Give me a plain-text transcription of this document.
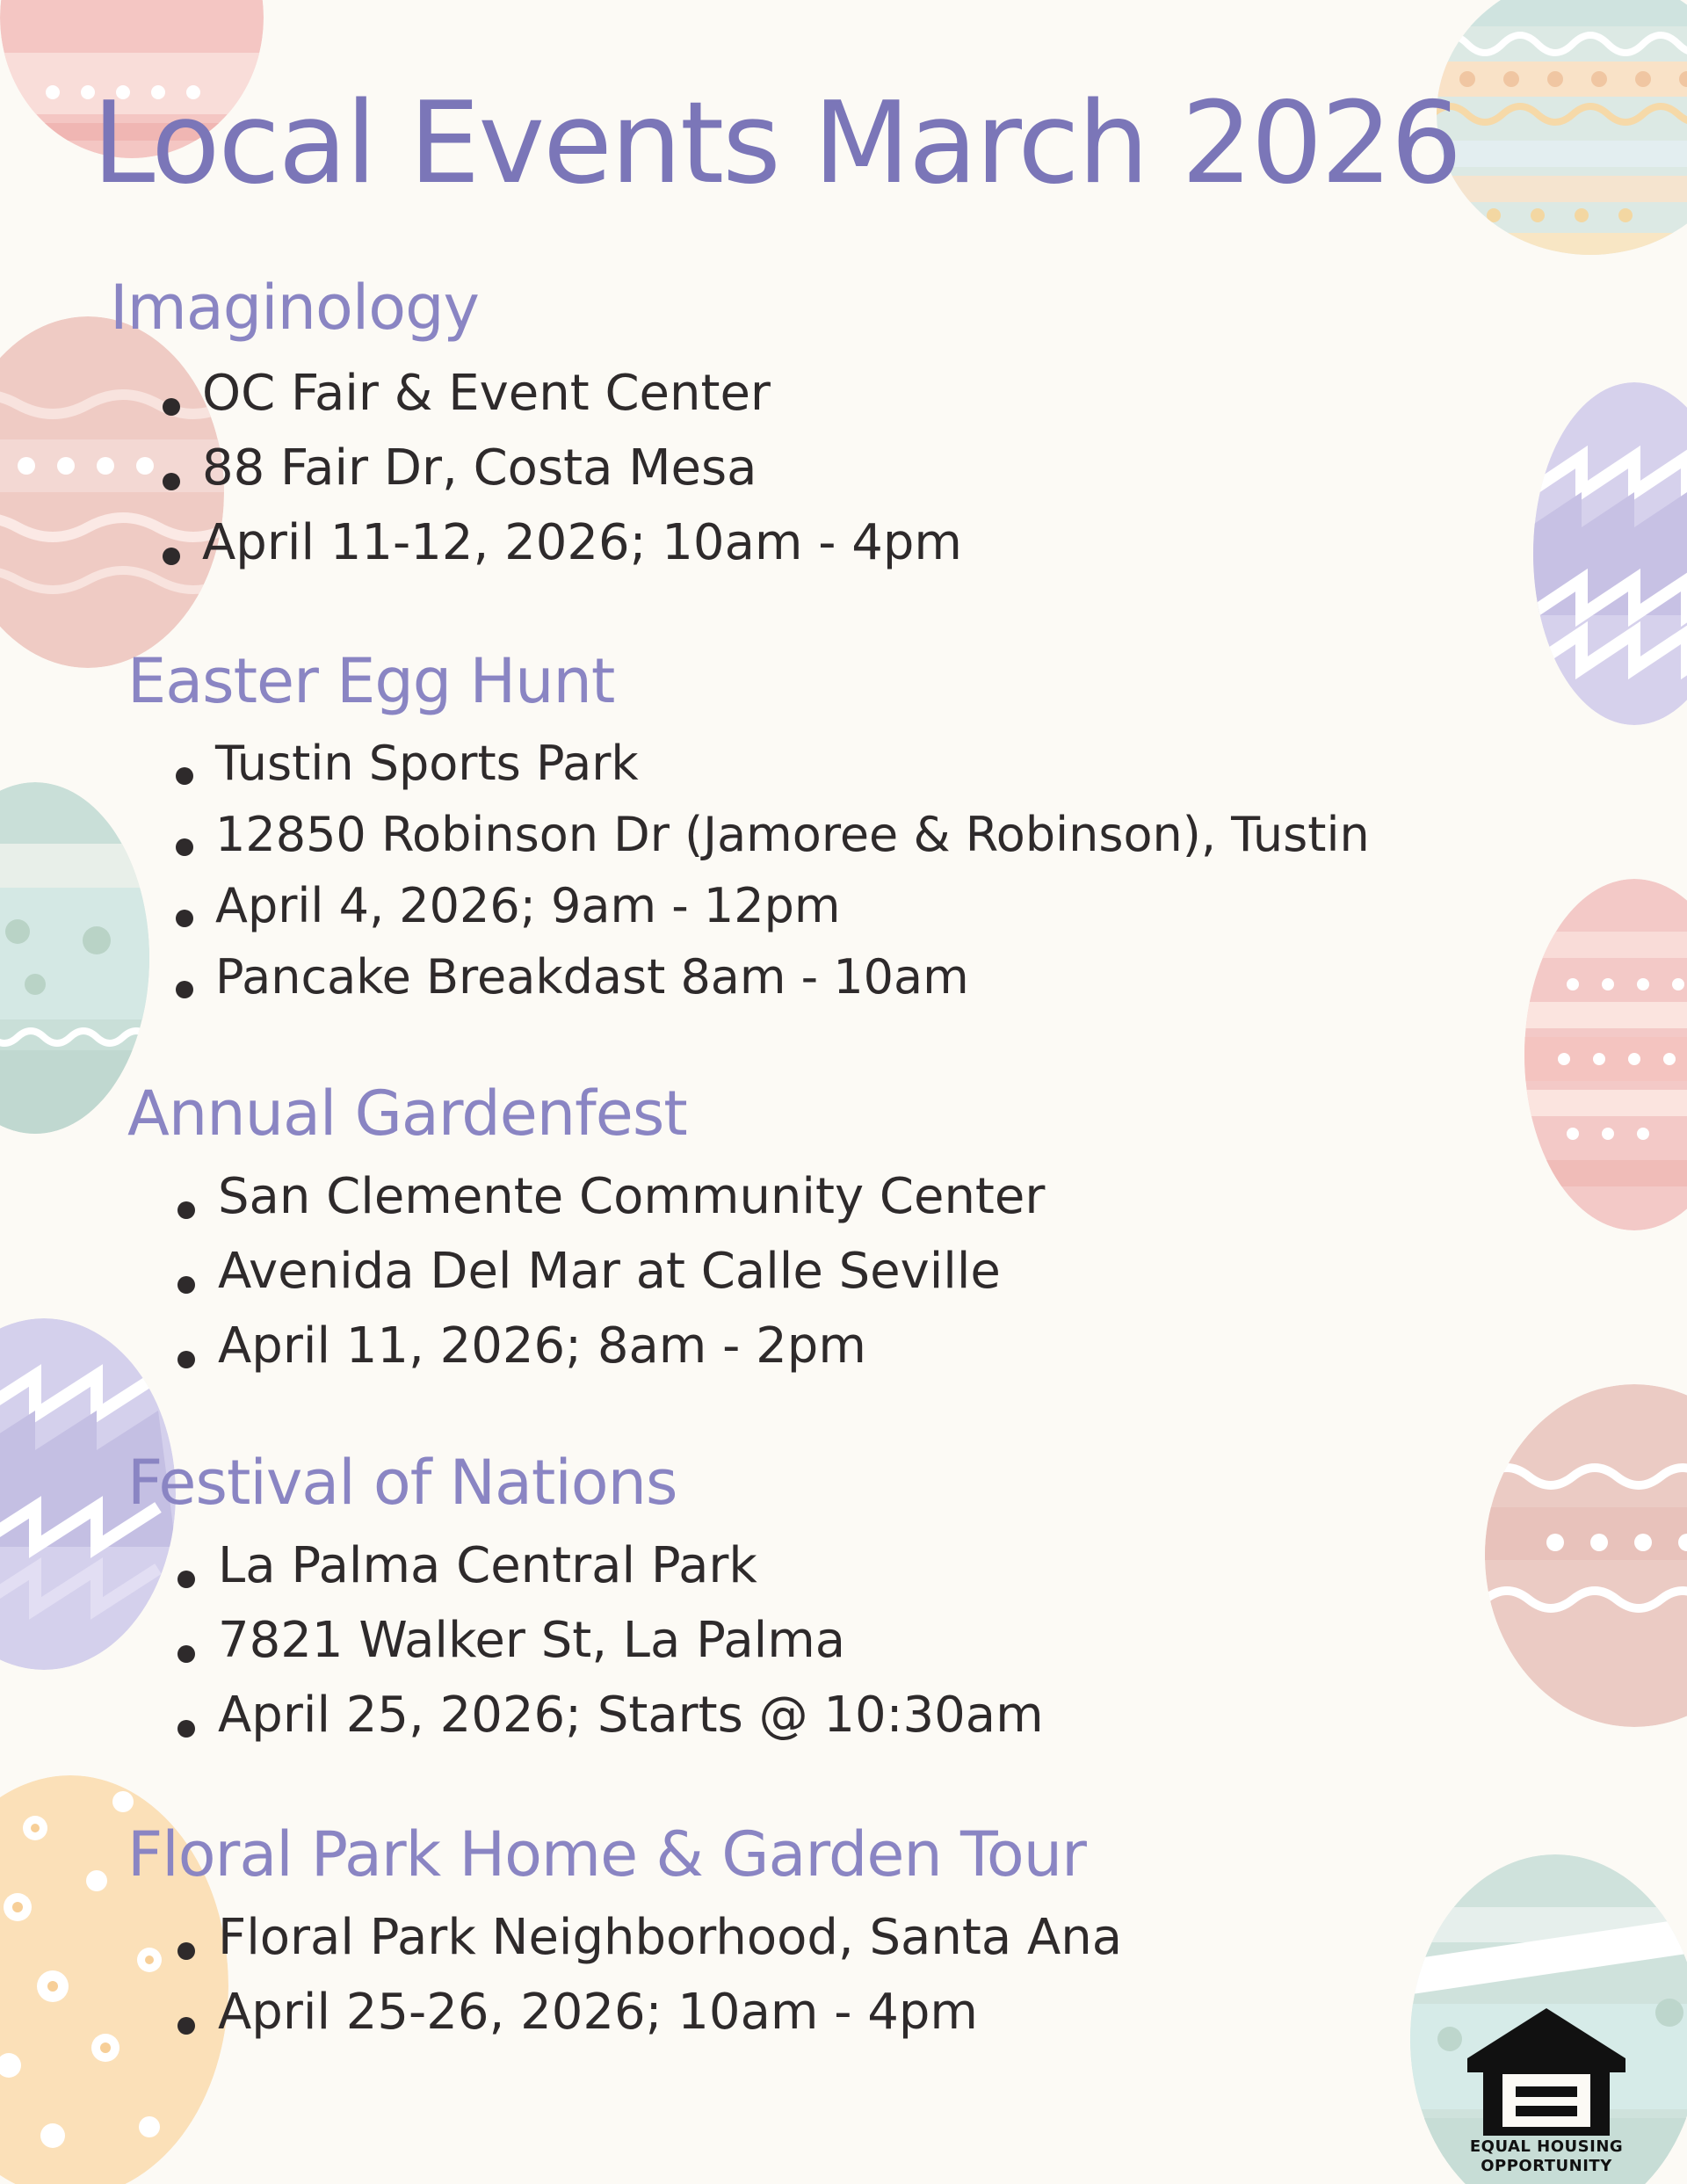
Local Events March 2026
Imaginology
OC Fair & Event Center
88 Fair Dr, Costa Mesa
April 11-12, 2026; 10am - 4pm
Easter Egg Hunt
Tustin Sports Park
12850 Robinson Dr (Jamoree & Robinson), Tustin
April 4, 2026; 9am - 12pm
Pancake Breakdast 8am - 10am
Annual Gardenfest
San Clemente Community Center
Avenida Del Mar at Calle Seville
April 11, 2026; 8am - 2pm
Festival of Nations
La Palma Central Park
7821 Walker St, La Palma
April 25, 2026; Starts @ 10:30am
Floral Park Home & Garden Tour
Floral Park Neighborhood, Santa Ana
April 25-26, 2026; 10am - 4pm
EQUAL HOUSING
OPPORTUNITY
